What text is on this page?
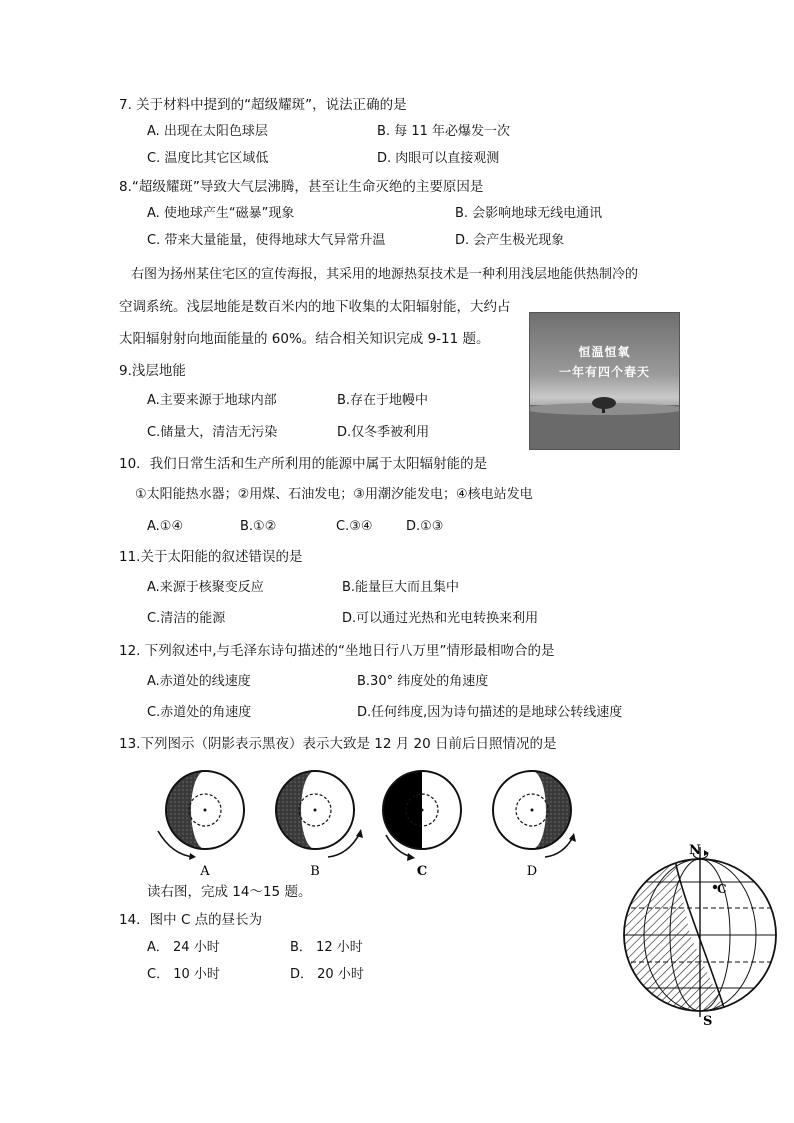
7. 关于材料中提到的“超级耀斑”，说法正确的是
A. 出现在太阳色球层	B. 每 11 年必爆发一次
C. 温度比其它区域低	D. 肉眼可以直接观测
8.“超级耀斑”导致大气层沸腾，甚至让生命灭绝的主要原因是
A. 使地球产生“磁暴”现象	B. 会影响地球无线电通讯
C. 带来大量能量，使得地球大气异常升温	D. 会产生极光现象
右图为扬州某住宅区的宣传海报，其采用的地源热泵技术是一种利用浅层地能供热制冷的
空调系统。浅层地能是数百米内的地下收集的太阳辐射能，大约占
太阳辐射射向地面能量的 60%。结合相关知识完成 9-11 题。
恒温恒氧
一年有四个春天
9.浅层地能
A.主要来源于地球内部	B.存在于地幔中
C.储量大，清洁无污染	D.仅冬季被利用
10．我们日常生活和生产所利用的能源中属于太阳辐射能的是
①太阳能热水器；②用煤、石油发电；③用潮汐能发电；④核电站发电
A.①④	B.①②	C.③④	D.①③
11.关于太阳能的叙述错误的是
A.来源于核聚变反应	B.能量巨大而且集中
C.清洁的能源	D.可以通过光热和光电转换来利用
12. 下列叙述中,与毛泽东诗句描述的“坐地日行八万里”情形最相吻合的是
A.赤道处的线速度	B.30° 纬度处的角速度
C.赤道处的角速度	D.任何纬度,因为诗句描述的是地球公转线速度
13.下列图示（阴影表示黑夜）表示大致是 12 月 20 日前后日照情况的是
A	B	C	D
读右图，完成 14～15 题。
14．图中 C 点的昼长为
A． 24 小时	B． 12 小时
C． 10 小时	D． 20 小时
N
S
C
